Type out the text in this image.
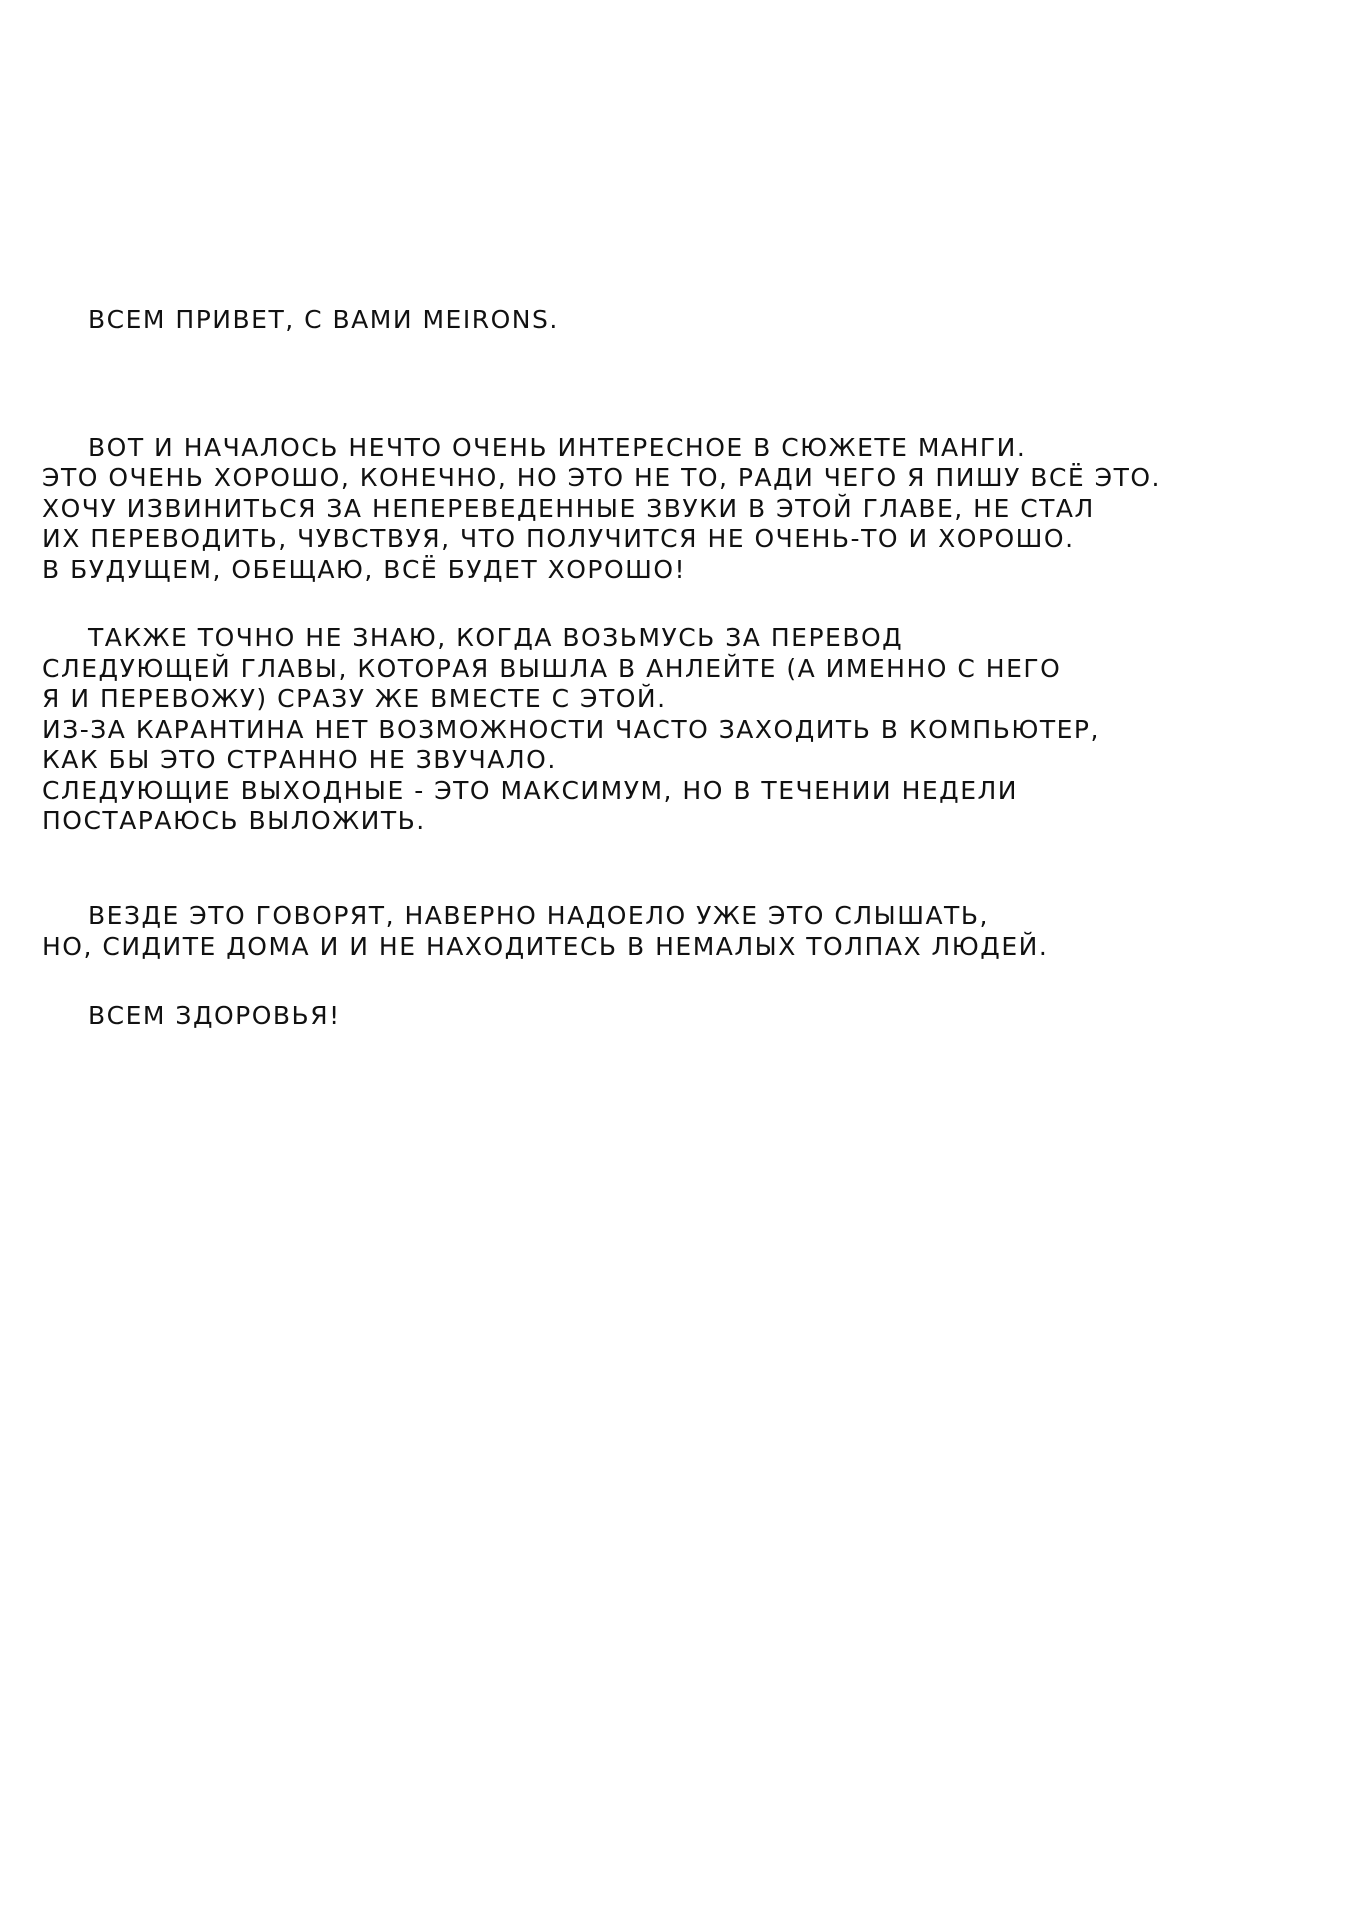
ВСЕМ ПРИВЕТ, С ВАМИ MEIRONS.
ВОТ И НАЧАЛОСЬ НЕЧТО ОЧЕНЬ ИНТЕРЕСНОЕ В СЮЖЕТЕ МАНГИ.
ЭТО ОЧЕНЬ ХОРОШО, КОНЕЧНО, НО ЭТО НЕ ТО, РАДИ ЧЕГО Я ПИШУ ВСЁ ЭТО.
ХОЧУ ИЗВИНИТЬСЯ ЗА НЕПЕРЕВЕДЕННЫЕ ЗВУКИ В ЭТОЙ ГЛАВЕ, НЕ СТАЛ
ИХ ПЕРЕВОДИТЬ, ЧУВСТВУЯ, ЧТО ПОЛУЧИТСЯ НЕ ОЧЕНЬ-ТО И ХОРОШО.
В БУДУЩЕМ, ОБЕЩАЮ, ВСЁ БУДЕТ ХОРОШО!
ТАКЖЕ ТОЧНО НЕ ЗНАЮ, КОГДА ВОЗЬМУСЬ ЗА ПЕРЕВОД
СЛЕДУЮЩЕЙ ГЛАВЫ, КОТОРАЯ ВЫШЛА В АНЛЕЙТЕ (А ИМЕННО С НЕГО
Я И ПЕРЕВОЖУ) СРАЗУ ЖЕ ВМЕСТЕ С ЭТОЙ.
ИЗ-ЗА КАРАНТИНА НЕТ ВОЗМОЖНОСТИ ЧАСТО ЗАХОДИТЬ В КОМПЬЮТЕР,
КАК БЫ ЭТО СТРАННО НЕ ЗВУЧАЛО.
СЛЕДУЮЩИЕ ВЫХОДНЫЕ - ЭТО МАКСИМУМ, НО В ТЕЧЕНИИ НЕДЕЛИ
ПОСТАРАЮСЬ ВЫЛОЖИТЬ.
ВЕЗДЕ ЭТО ГОВОРЯТ, НАВЕРНО НАДОЕЛО УЖЕ ЭТО СЛЫШАТЬ,
НО, СИДИТЕ ДОМА И И НЕ НАХОДИТЕСЬ В НЕМАЛЫХ ТОЛПАХ ЛЮДЕЙ.
ВСЕМ ЗДОРОВЬЯ!
